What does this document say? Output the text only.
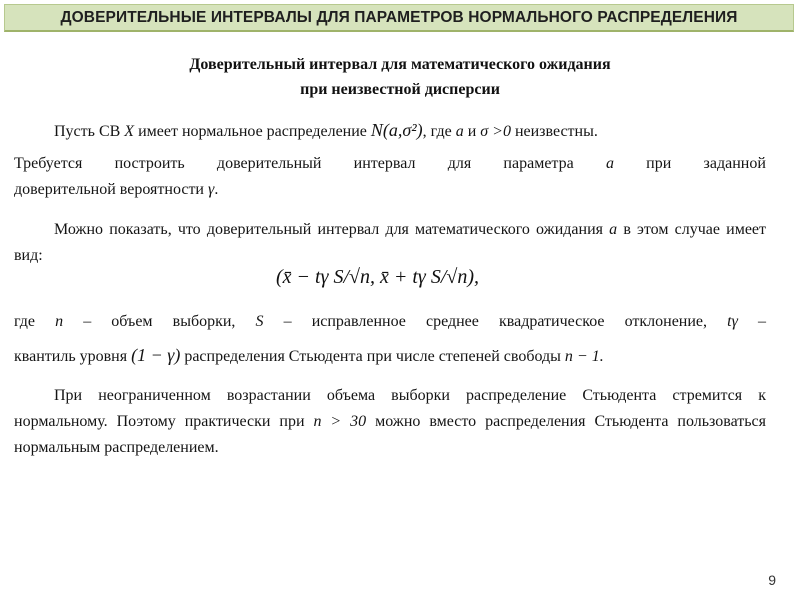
ДОВЕРИТЕЛЬНЫЕ ИНТЕРВАЛЫ ДЛЯ ПАРАМЕТРОВ НОРМАЛЬНОГО РАСПРЕДЕЛЕНИЯ
Доверительный интервал для математического ожидания
при неизвестной дисперсии
Пусть СВ X имеет нормальное распределение N(a,σ²), где a и σ >0 неизвестны.
Требуется построить доверительный интервал для параметра a при заданной
доверительной вероятности γ.
Можно показать, что доверительный интервал для математического ожидания a в этом случае имеет вид:
(x̄ − tγ S/√n, x̄ + tγ S/√n),
где n – объем выборки, S – исправленное среднее квадратическое отклонение, tγ –
квантиль уровня (1 − γ) распределения Стьюдента при числе степеней свободы n − 1.
При неограниченном возрастании объема выборки распределение Стьюдента стремится к нормальному. Поэтому практически при n > 30 можно вместо распределения Стьюдента пользоваться нормальным распределением.
9
